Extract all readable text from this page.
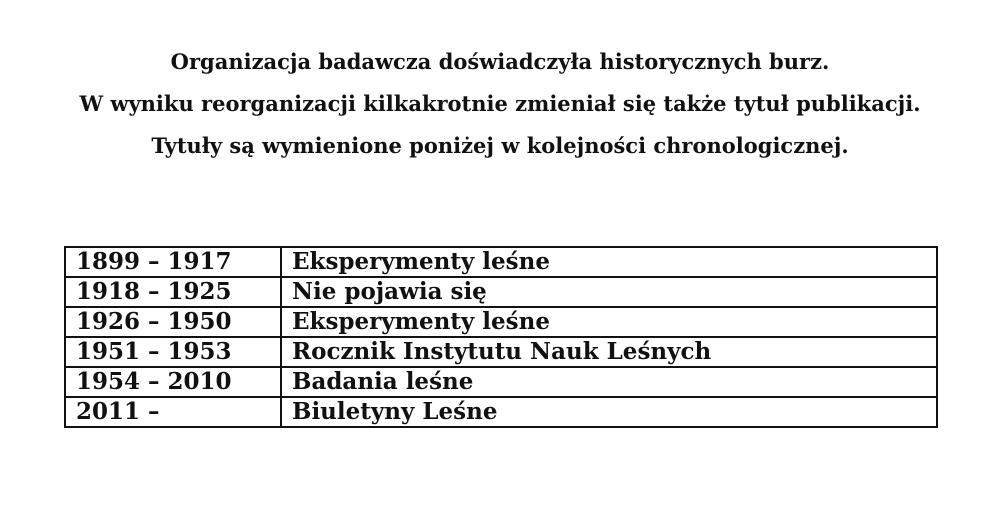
Organizacja badawcza doświadczyła historycznych burz.

W wyniku reorganizacji kilkakrotnie zmieniał się także tytuł publikacji.

Tytuły są wymienione poniżej w kolejności chronologicznej.

1899 – 1917	Eksperymenty leśne
1918 – 1925	Nie pojawia się
1926 – 1950	Eksperymenty leśne
1951 – 1953	Rocznik Instytutu Nauk Leśnych
1954 – 2010	Badania leśne
2011 –	Biuletyny Leśne
